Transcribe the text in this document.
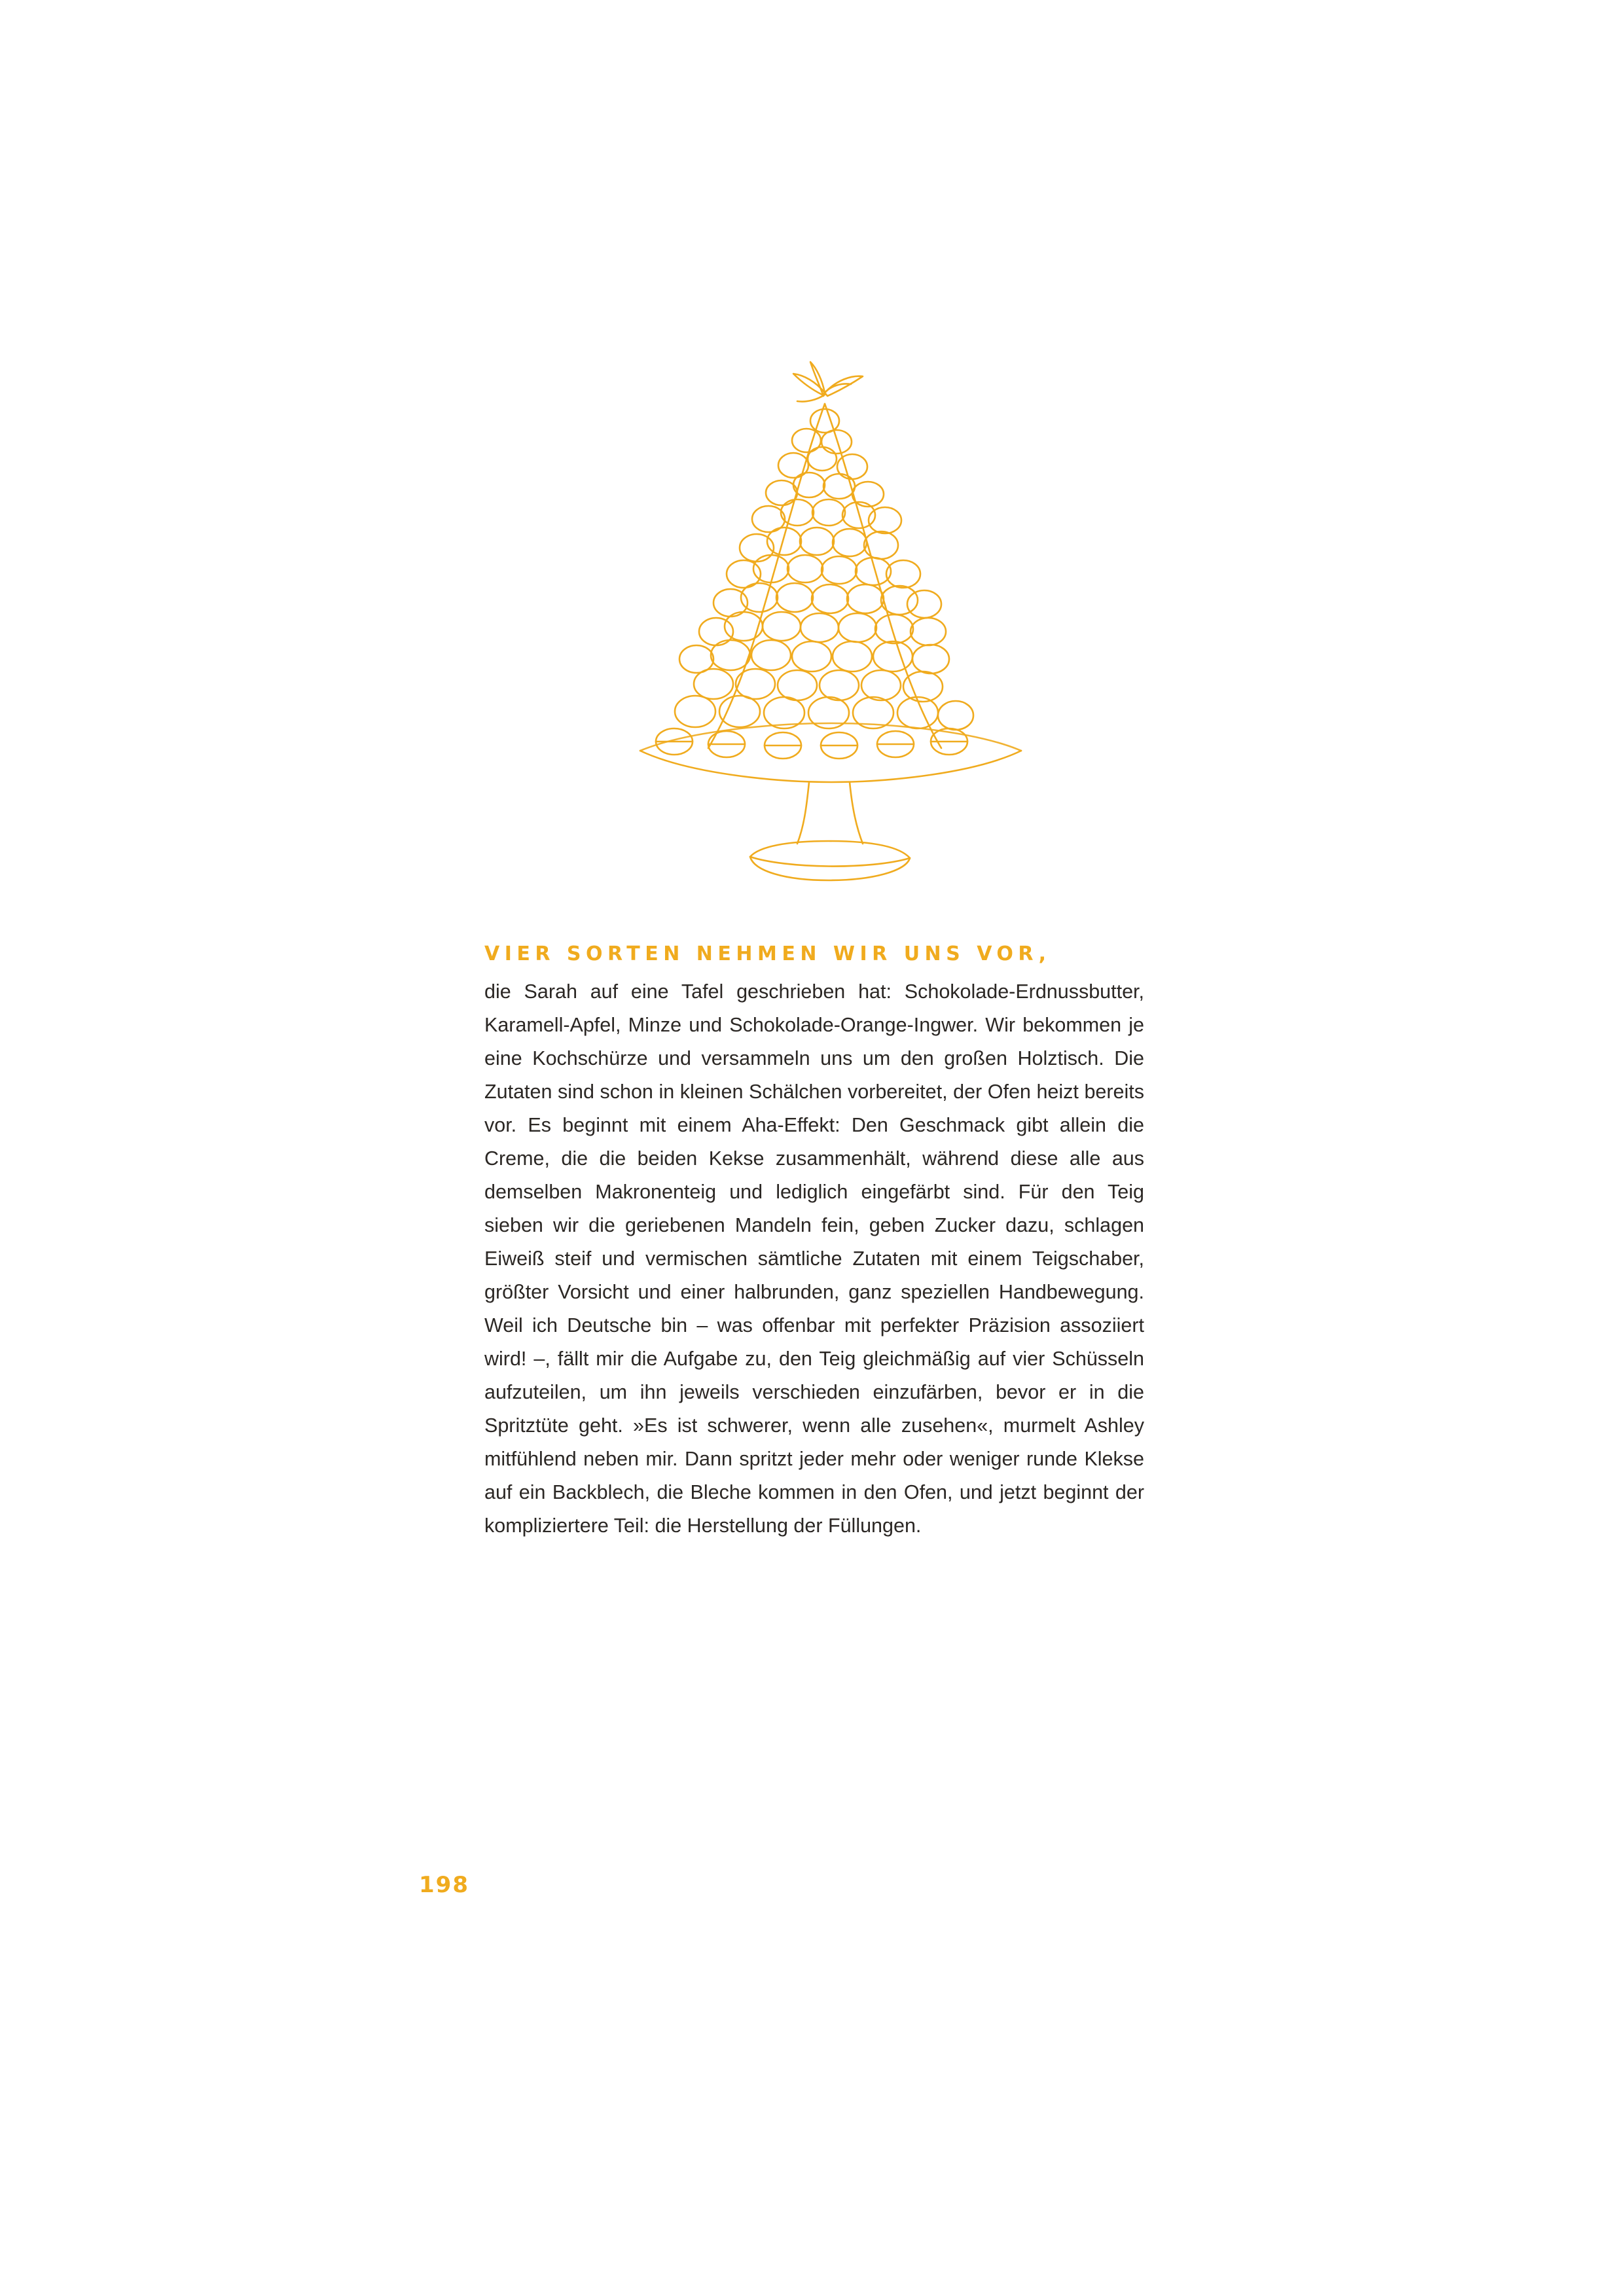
VIER SORTEN NEHMEN WIR UNS VOR,

die Sarah auf eine Tafel geschrieben hat: Schokolade-Erdnussbutter, Karamell-Apfel, Minze und Schokolade-Orange-Ingwer. Wir bekommen je eine Kochschürze und versammeln uns um den großen Holztisch. Die Zutaten sind schon in kleinen Schälchen vorbereitet, der Ofen heizt bereits vor. Es beginnt mit einem Aha-Effekt: Den Geschmack gibt allein die Creme, die die beiden Kekse zusammenhält, während diese alle aus demselben Makronenteig und lediglich eingefärbt sind. Für den Teig sieben wir die geriebenen Mandeln fein, geben Zucker dazu, schlagen Eiweiß steif und vermischen sämtliche Zutaten mit einem Teigschaber, größter Vorsicht und einer halbrunden, ganz speziellen Handbewegung. Weil ich Deutsche bin – was offenbar mit perfekter Präzision assoziiert wird! –, fällt mir die Aufgabe zu, den Teig gleichmäßig auf vier Schüsseln aufzuteilen, um ihn jeweils verschieden einzufärben, bevor er in die Spritztüte geht. »Es ist schwerer, wenn alle zusehen«, murmelt Ashley mitfühlend neben mir. Dann spritzt jeder mehr oder weniger runde Klekse auf ein Backblech, die Bleche kommen in den Ofen, und jetzt beginnt der kompliziertere Teil: die Herstellung der Füllungen.

198
